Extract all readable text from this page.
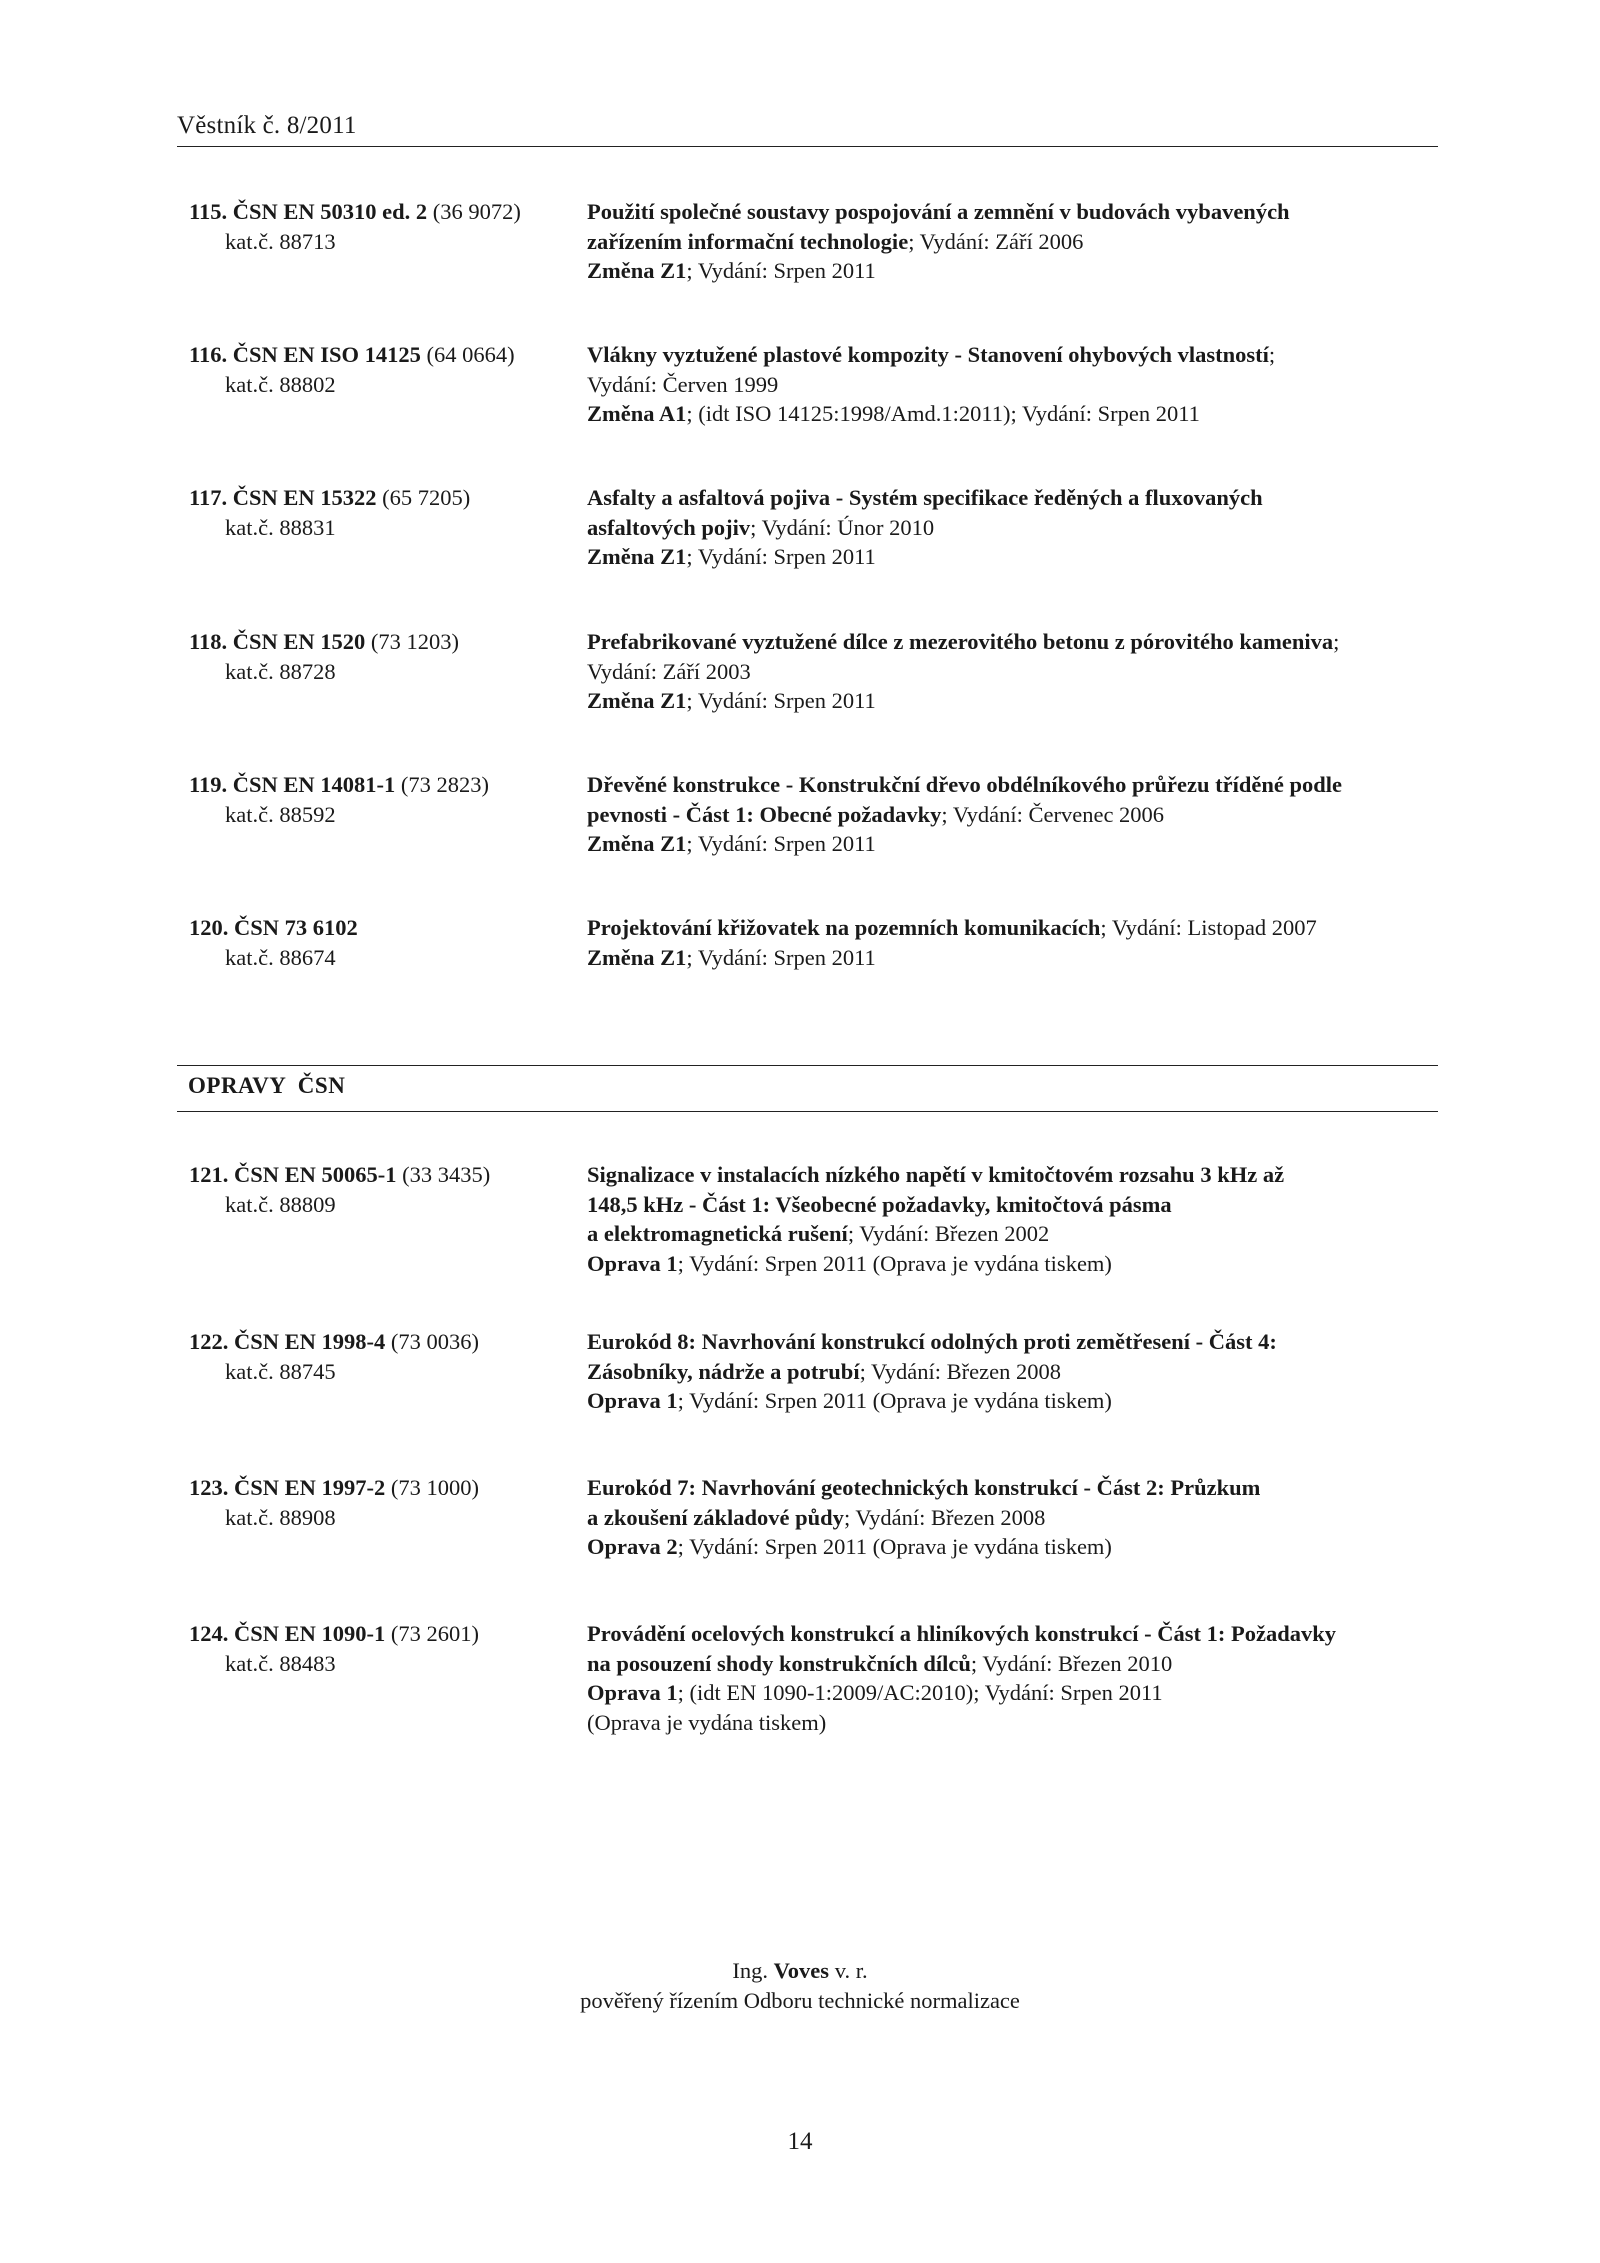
Věstník č. 8/2011
115. ČSN EN 50310 ed. 2 (36 9072)
kat.č. 88713
Použití společné soustavy pospojování a zemnění v budovách vybavených
zařízením informační technologie; Vydání: Září 2006
Změna Z1; Vydání: Srpen 2011
116. ČSN EN ISO 14125 (64 0664)
kat.č. 88802
Vlákny vyztužené plastové kompozity - Stanovení ohybových vlastností;
Vydání: Červen 1999
Změna A1; (idt ISO 14125:1998/Amd.1:2011); Vydání: Srpen 2011
117. ČSN EN 15322 (65 7205)
kat.č. 88831
Asfalty a asfaltová pojiva - Systém specifikace ředěných a fluxovaných
asfaltových pojiv; Vydání: Únor 2010
Změna Z1; Vydání: Srpen 2011
118. ČSN EN 1520 (73 1203)
kat.č. 88728
Prefabrikované vyztužené dílce z mezerovitého betonu z pórovitého kameniva;
Vydání: Září 2003
Změna Z1; Vydání: Srpen 2011
119. ČSN EN 14081-1 (73 2823)
kat.č. 88592
Dřevěné konstrukce - Konstrukční dřevo obdélníkového průřezu tříděné podle
pevnosti - Část 1: Obecné požadavky; Vydání: Červenec 2006
Změna Z1; Vydání: Srpen 2011
120. ČSN 73 6102
kat.č. 88674
Projektování křižovatek na pozemních komunikacích; Vydání: Listopad 2007
Změna Z1; Vydání: Srpen 2011
OPRAVY ČSN
121. ČSN EN 50065-1 (33 3435)
kat.č. 88809
Signalizace v instalacích nízkého napětí v kmitočtovém rozsahu 3 kHz až
148,5 kHz - Část 1: Všeobecné požadavky, kmitočtová pásma
a elektromagnetická rušení; Vydání: Březen 2002
Oprava 1; Vydání: Srpen 2011 (Oprava je vydána tiskem)
122. ČSN EN 1998-4 (73 0036)
kat.č. 88745
Eurokód 8: Navrhování konstrukcí odolných proti zemětřesení - Část 4:
Zásobníky, nádrže a potrubí; Vydání: Březen 2008
Oprava 1; Vydání: Srpen 2011 (Oprava je vydána tiskem)
123. ČSN EN 1997-2 (73 1000)
kat.č. 88908
Eurokód 7: Navrhování geotechnických konstrukcí - Část 2: Průzkum
a zkoušení základové půdy; Vydání: Březen 2008
Oprava 2; Vydání: Srpen 2011 (Oprava je vydána tiskem)
124. ČSN EN 1090-1 (73 2601)
kat.č. 88483
Provádění ocelových konstrukcí a hliníkových konstrukcí - Část 1: Požadavky
na posouzení shody konstrukčních dílců; Vydání: Březen 2010
Oprava 1; (idt EN 1090-1:2009/AC:2010); Vydání: Srpen 2011
(Oprava je vydána tiskem)
Ing. Voves v. r.
pověřený řízením Odboru technické normalizace
14
